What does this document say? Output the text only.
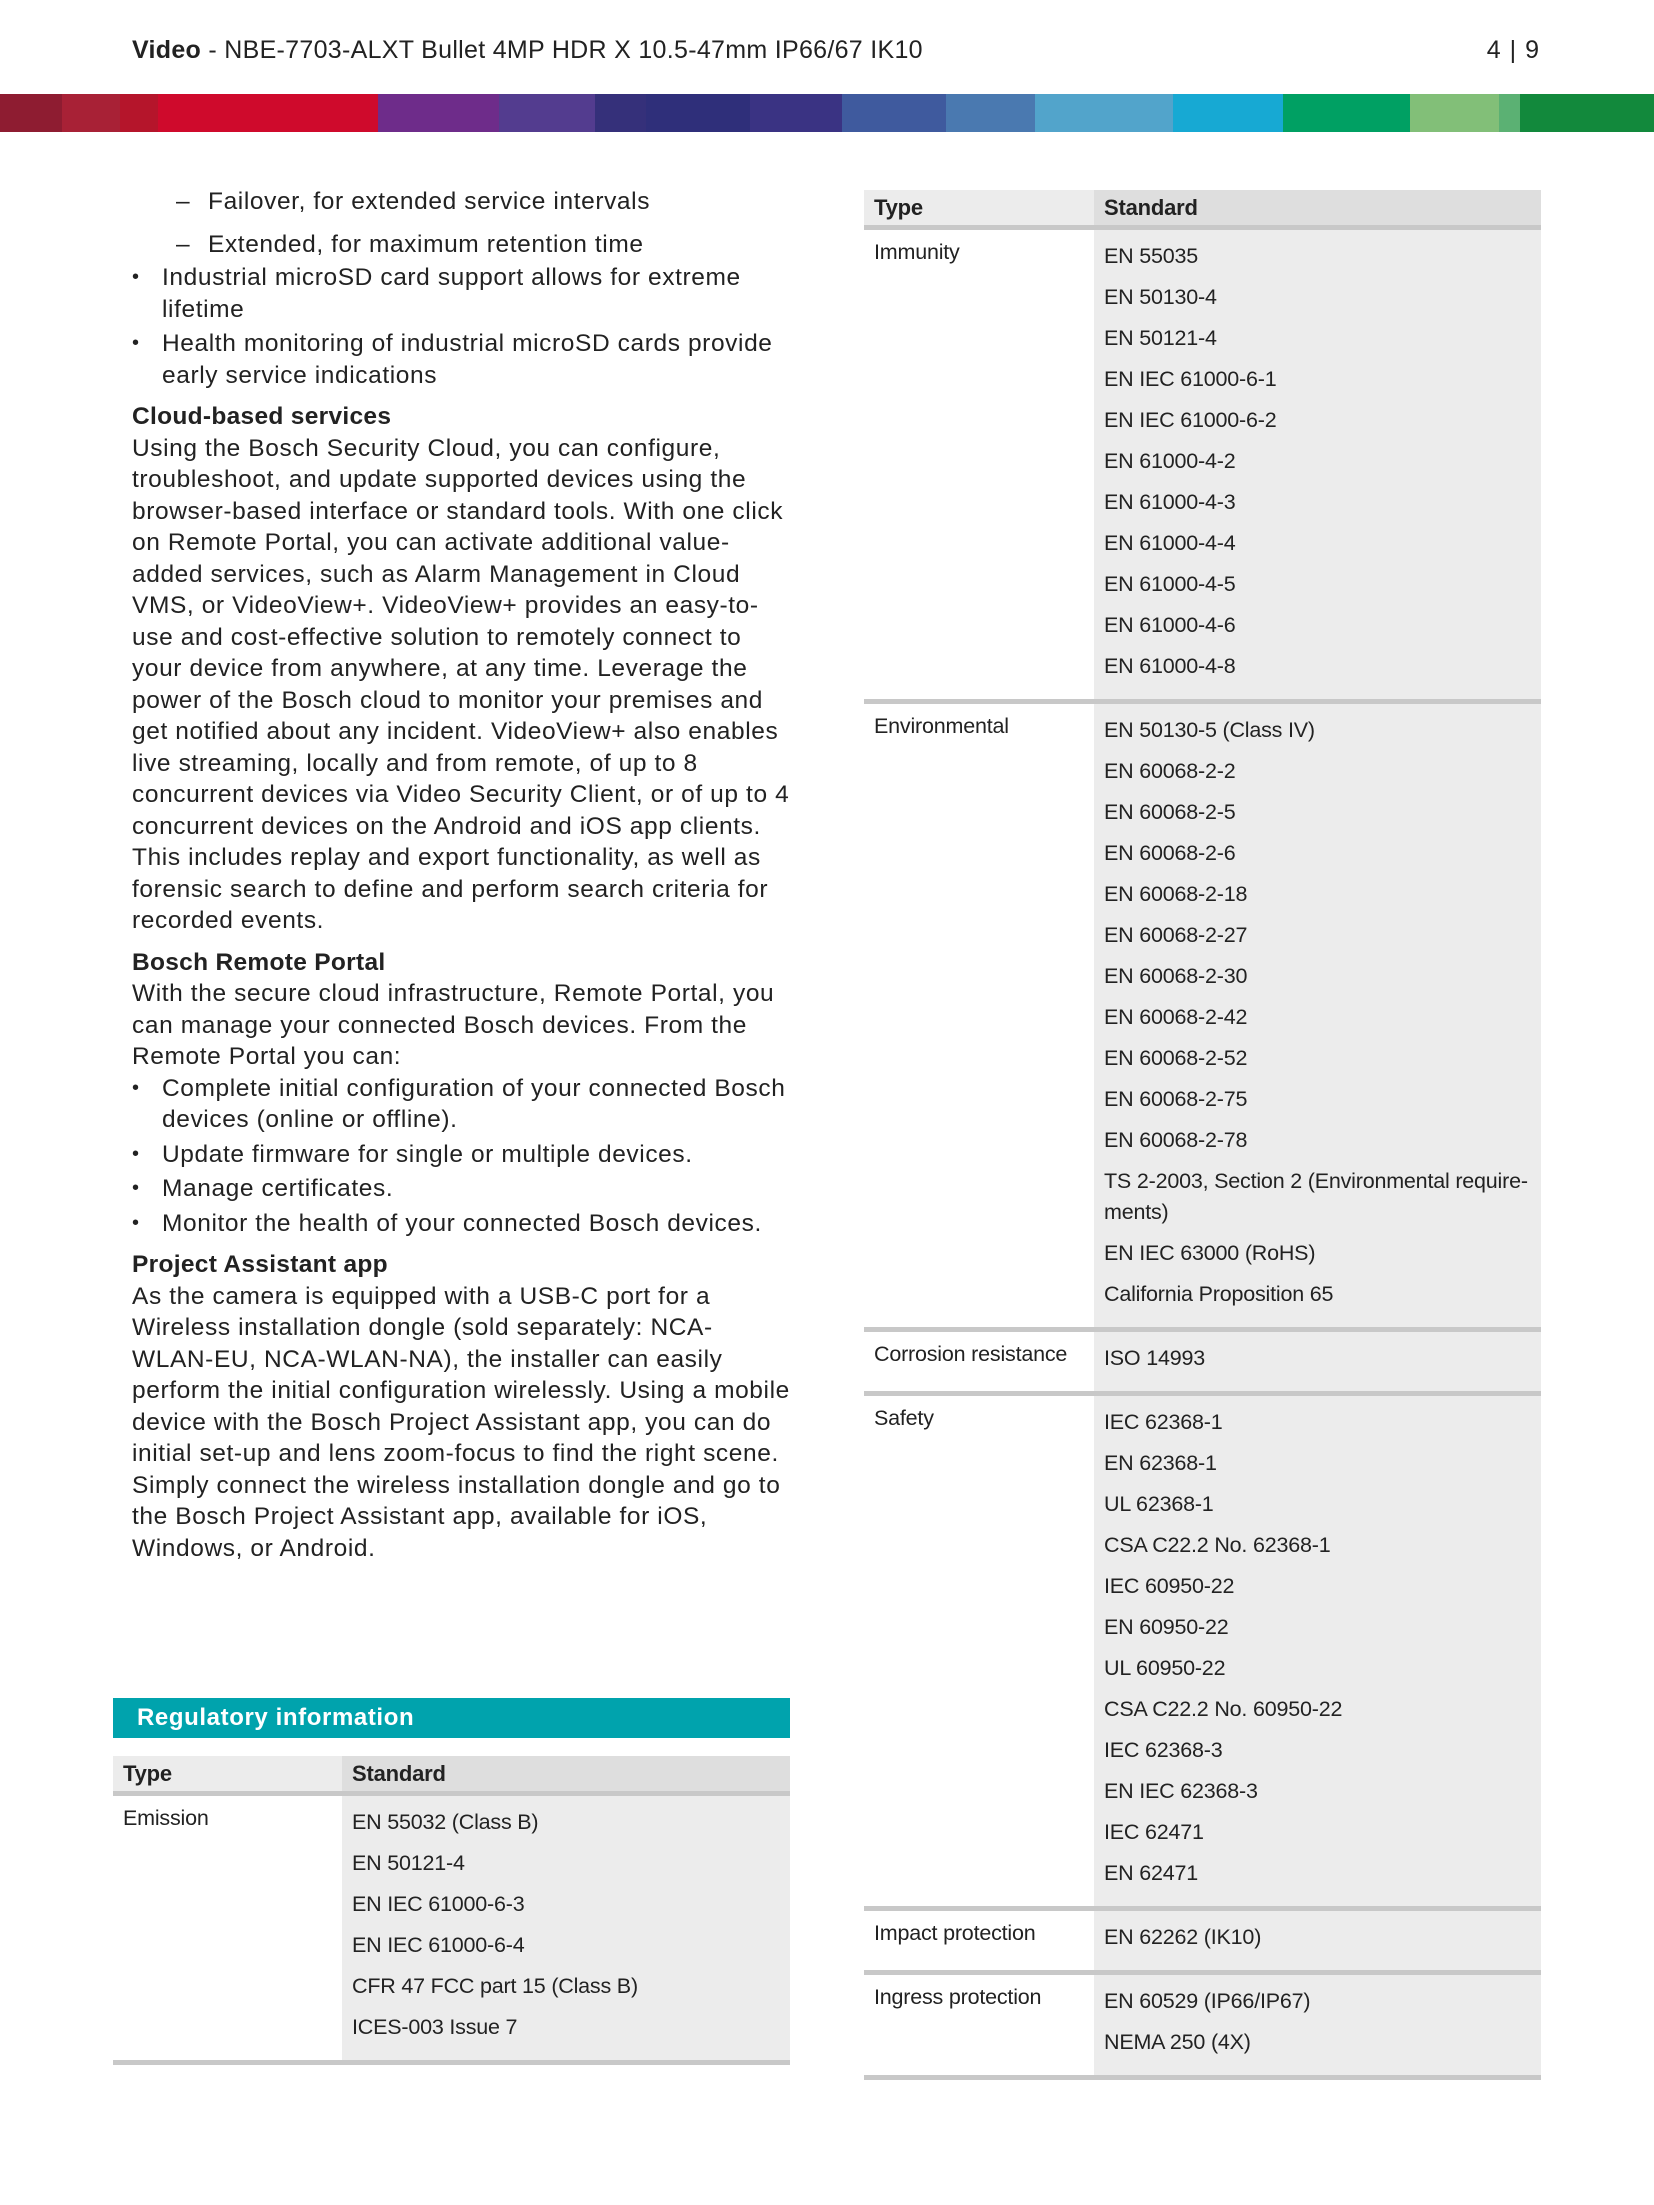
Video - NBE-7703-ALXT Bullet 4MP HDR X 10.5-47mm IP66/67 IK10	4 | 9
– Failover, for extended service intervals
– Extended, for maximum retention time
• Industrial microSD card support allows for extreme lifetime
• Health monitoring of industrial microSD cards provide early service indications
Cloud-based services

Using the Bosch Security Cloud, you can configure, troubleshoot, and update supported devices using the browser-based interface or standard tools. With one click on Remote Portal, you can activate additional value-added services, such as Alarm Management in Cloud VMS, or VideoView+. VideoView+ provides an easy-to-use and cost-effective solution to remotely connect to your device from anywhere, at any time. Leverage the power of the Bosch cloud to monitor your premises and get notified about any incident. VideoView+ also enables live streaming, locally and from remote, of up to 8 concurrent devices via Video Security Client, or of up to 4 concurrent devices on the Android and iOS app clients. This includes replay and export functionality, as well as forensic search to define and perform search criteria for recorded events.

Bosch Remote Portal

With the secure cloud infrastructure, Remote Portal, you can manage your connected Bosch devices. From the Remote Portal you can:

• Complete initial configuration of your connected Bosch devices (online or offline).
• Update firmware for single or multiple devices.
• Manage certificates.
• Monitor the health of your connected Bosch devices.
Project Assistant app

As the camera is equipped with a USB-C port for a Wireless installation dongle (sold separately: NCA-WLAN-EU, NCA-WLAN-NA), the installer can easily perform the initial configuration wirelessly. Using a mobile device with the Bosch Project Assistant app, you can do initial set-up and lens zoom-focus to find the right scene. Simply connect the wireless installation dongle and go to the Bosch Project Assistant app, available for iOS, Windows, or Android.

Regulatory information
Type	Standard
Emission	EN 55032 (Class B)
EN 50121-4
EN IEC 61000-6-3
EN IEC 61000-6-4
CFR 47 FCC part 15 (Class B)
ICES-003 Issue 7
Type	Standard
Immunity	EN 55035
EN 50130-4
EN 50121-4
EN IEC 61000-6-1
EN IEC 61000-6-2
EN 61000-4-2
EN 61000-4-3
EN 61000-4-4
EN 61000-4-5
EN 61000-4-6
EN 61000-4-8
Environmental	EN 50130-5 (Class IV)
EN 60068-2-2
EN 60068-2-5
EN 60068-2-6
EN 60068-2-18
EN 60068-2-27
EN 60068-2-30
EN 60068-2-42
EN 60068-2-52
EN 60068-2-75
EN 60068-2-78
TS 2-2003, Section 2 (Environmental require-ments)
EN IEC 63000 (RoHS)
California Proposition 65
Corrosion resistance	ISO 14993
Safety	IEC 62368-1
EN 62368-1
UL 62368-1
CSA C22.2 No. 62368-1
IEC 60950-22
EN 60950-22
UL 60950-22
CSA C22.2 No. 60950-22
IEC 62368-3
EN IEC 62368-3
IEC 62471
EN 62471
Impact protection	EN 62262 (IK10)
Ingress protection	EN 60529 (IP66/IP67)
NEMA 250 (4X)
